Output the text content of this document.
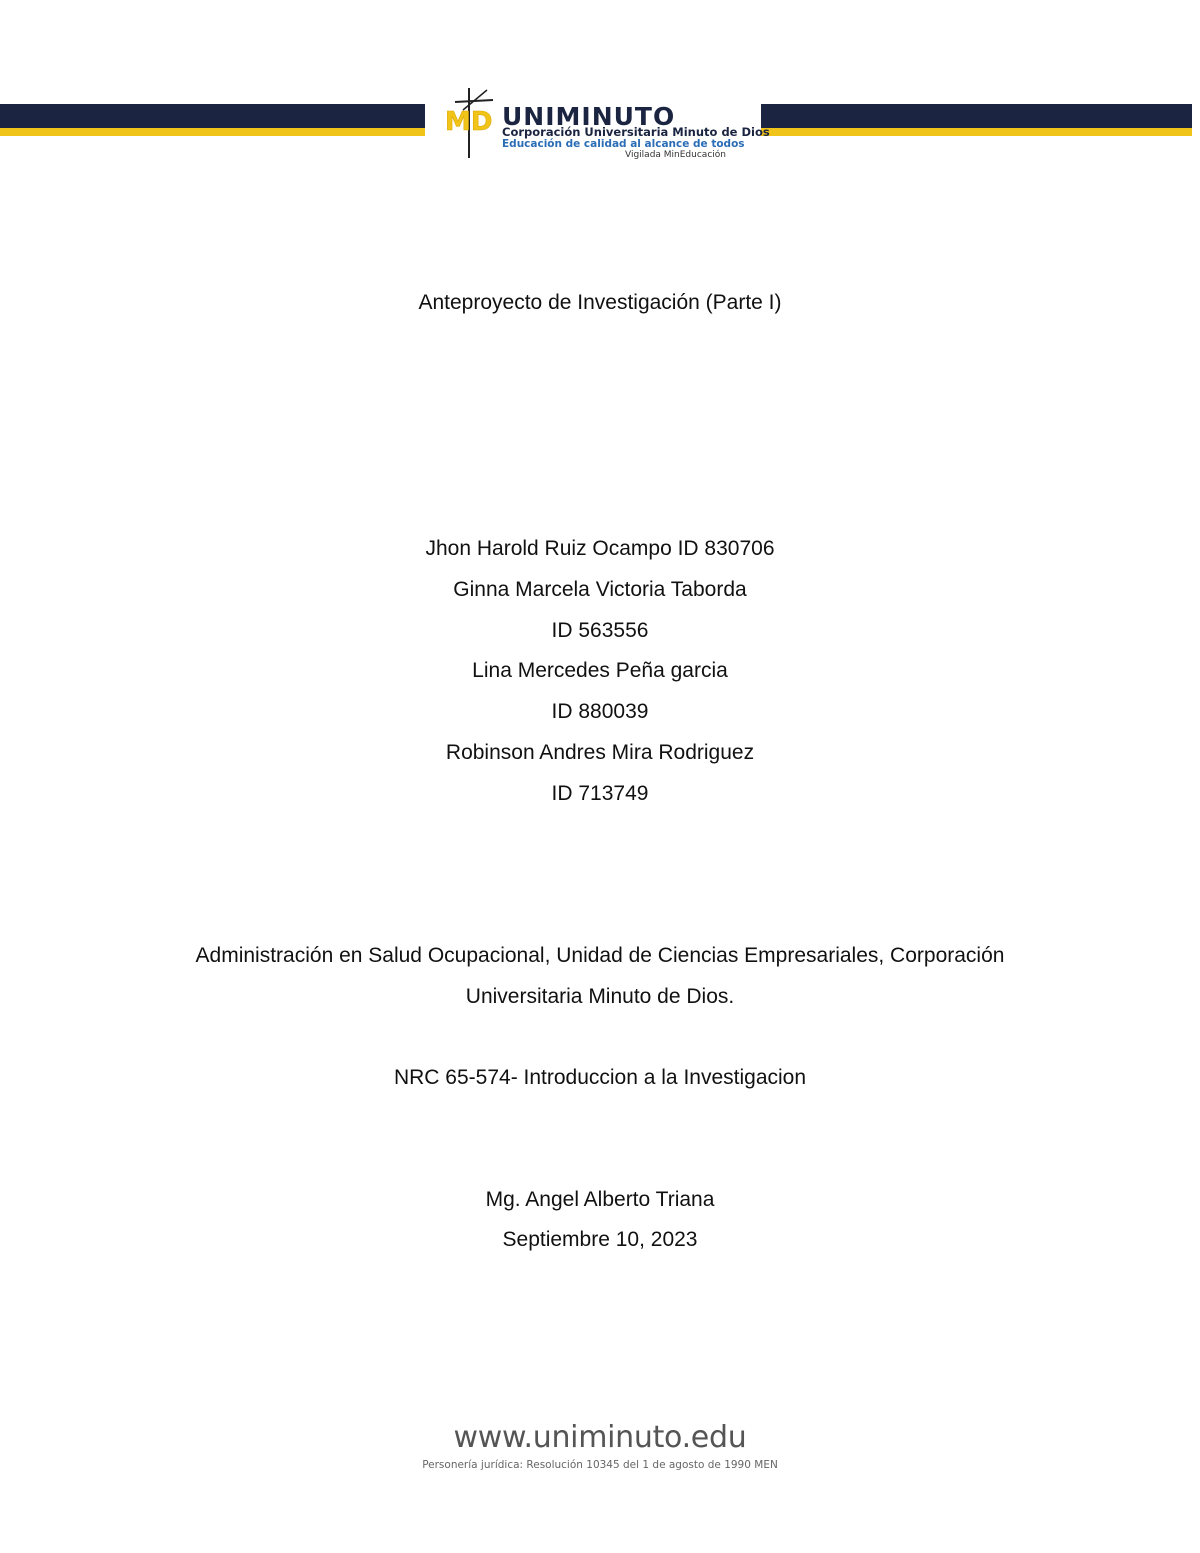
MD UNIMINUTO
Corporación Universitaria Minuto de Dios
Educación de calidad al alcance de todos
Vigilada MinEducación
Anteproyecto de Investigación (Parte I)
Jhon Harold Ruiz Ocampo ID 830706
Ginna Marcela Victoria Taborda
ID 563556
Lina Mercedes Peña garcia
ID 880039
Robinson Andres Mira Rodriguez
ID 713749
Administración en Salud Ocupacional, Unidad de Ciencias Empresariales, Corporación
Universitaria Minuto de Dios.
NRC 65-574- Introduccion a la Investigacion
Mg. Angel Alberto Triana
Septiembre 10, 2023
www.uniminuto.edu
Personería jurídica: Resolución 10345 del 1 de agosto de 1990 MEN
